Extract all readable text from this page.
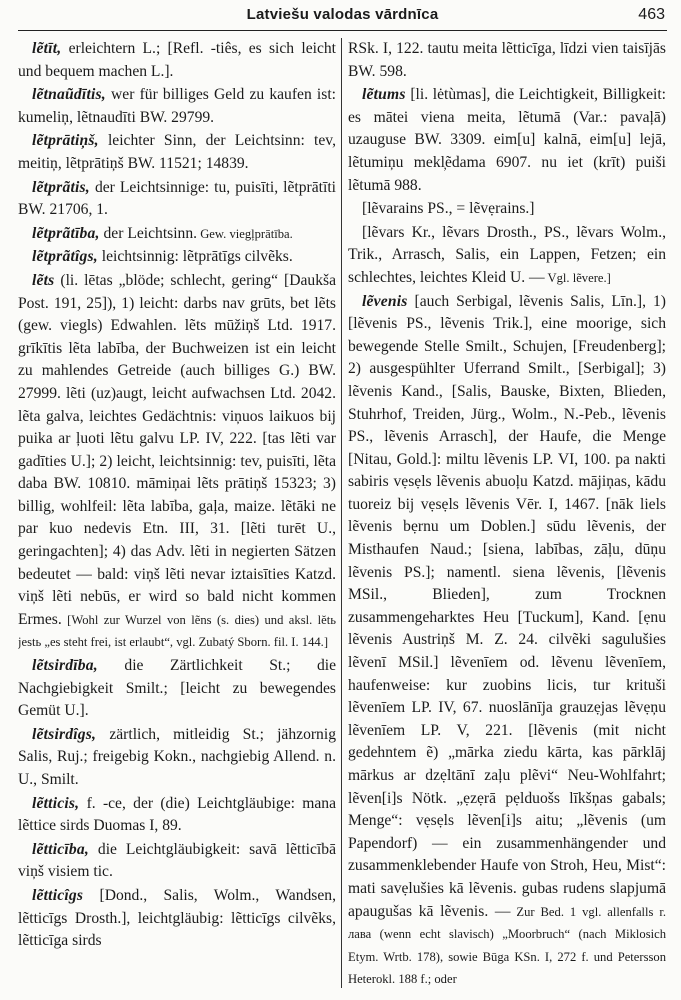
Latviešu valodas vārdnīca	463

lẽtīt, erleichtern L.; [Refl. -tiês, es sich leicht und bequem machen L.].

lẽtnaũdītis, wer für billiges Geld zu kaufen ist: kumeliņ, lẽtnaudīti BW. 29799.

lẽtprātiņš, leichter Sinn, der Leichtsinn: tev, meitiņ, lẽtprātiņš BW. 11521; 14839.

lẽtprãtis, der Leichtsinnige: tu, puisīti, lẽtprātīti BW. 21706, 1.

lẽtprãtība, der Leichtsinn. Gew. viegļprātība.

lẽtprãtîgs, leichtsinnig: lẽtprātīgs cilvẽks.

lẽts (li. lētas „blöde; schlecht, gering“ [Daukša Post. 191, 25]), 1) leicht: darbs nav grūts, bet lẽts (gew. viegls) Edwahlen. lẽts mūžiņš Ltd. 1917. grīkītis lẽta labība, der Buchweizen ist ein leicht zu mahlendes Getreide (auch billiges G.) BW. 27999. lẽti (uz)augt, leicht aufwachsen Ltd. 2042. lẽta galva, leichtes Gedächtnis: viņuos laikuos bij puika ar ļuoti lẽtu galvu LP. IV, 222. [tas lẽti var gadīties U.]; 2) leicht, leichtsinnig: tev, puisīti, lẽta daba BW. 10810. māmiņai lẽts prātiņš 15323; 3) billig, wohlfeil: lẽta labība, gaļa, maize. lẽtāki ne par kuo nedevis Etn. III, 31. [lẽti turēt U., geringachten]; 4) das Adv. lẽti in negierten Sätzen bedeutet — bald: viņš lẽti nevar iztaisīties Katzd. viņš lẽti nebūs, er wird so bald nicht kommen Ermes. [Wohl zur Wurzel von lẽns (s. dies) und aksl. lĕtь jestь „es steht frei, ist erlaubt“, vgl. Zubatý Sborn. fil. I. 144.]

lẽtsirdība, die Zärtlichkeit St.; die Nachgiebigkeit Smilt.; [leicht zu bewegendes Gemüt U.].

lẽtsirdîgs, zärtlich, mitleidig St.; jähzornig Salis, Ruj.; freigebig Kokn., nachgiebig Allend. n. U., Smilt.

lẽtticis, f. -ce, der (die) Leichtgläubige: mana lẽttice sirds Duomas I, 89.

lẽtticība, die Leichtgläubigkeit: savā lẽtticībā viņš visiem tic.

lẽtticîgs [Dond., Salis, Wolm., Wandsen, lẽtticīgs Drosth.], leichtgläubig: lẽtticīgs cilvẽks, lẽtticīga sirds

RSk. I, 122. tautu meita lẽtticīga, līdzi vien taisījās BW. 598.

lẽtums [li. lėtùmas], die Leichtigkeit, Billigkeit: es mātei viena meita, lẽtumā (Var.: pavaļā) uzauguse BW. 3309. eim[u] kalnā, eim[u] lejā, lẽtumiņu mekl̦ẽdama 6907. nu iet (krīt) puiši lẽtumā 988.

[lẽvarains PS., = lẽvẹrains.]

[lẽvars Kr., lẽvars Drosth., PS., lẽvars Wolm., Trik., Arrasch, Salis, ein Lappen, Fetzen; ein schlechtes, leichtes Kleid U. — Vgl. lẽvere.]

lẽvenis [auch Serbigal, lẽvenis Salis, Līn.], 1) [lẽvenis PS., lẽvenis Trik.], eine moorige, sich bewegende Stelle Smilt., Schujen, [Freudenberg]; 2) ausgespühlter Uferrand Smilt., [Serbigal]; 3) lẽvenis Kand., [Salis, Bauske, Bixten, Blieden, Stuhrhof, Treiden, Jürg., Wolm., N.-Peb., lẽvenis PS., lẽvenis Arrasch], der Haufe, die Menge [Nitau, Gold.]: miltu lẽvenis LP. VI, 100. pa nakti sabiris vẹsẹls lẽvenis abuoļu Katzd. mājiņas, kādu tuoreiz bij vẹsẹls lẽvenis Vēr. I, 1467. [nāk liels lẽvenis bẹrnu um Doblen.] sūdu lẽvenis, der Misthaufen Naud.; [siena, labības, zāļu, dūņu lẽvenis PS.]; namentl. siena lẽvenis, [lẽvenis MSil., Blieden], zum Trocknen zusammengeharktes Heu [Tuckum], Kand. [ẹnu lẽvenis Austriņš M. Z. 24. cilvẽki sagulušies lẽvenī MSil.] lẽvenīem od. lẽvenu lẽvenīem, haufenweise: kur zuobins licis, tur krituši lẽvenīem LP. IV, 67. nuoslānīja grauzẹjas lẽvẹņu lẽvenīem LP. V, 221. [lẽvenis (mit nicht gedehntem ẽ) „mārka ziedu kārta, kas pārklāj mārkus ar dzẹltānī zaļu plẽvi“ Neu-Wohlfahrt; lẽven[i]s Nötk. „ẹzẹrā pẹlduošs līkšņas gabals; Menge“: vẹsẹls lẽven[i]s aitu; „lẽvenis (um Papendorf) — ein zusammenhängender und zusammenklebender Haufe von Stroh, Heu, Mist“: mati savẹlušies kā lẽvenis. gubas rudens slapjumā apaugušas kā lẽvenis. — Zur Bed. 1 vgl. allenfalls r. лава (wenn echt slavisch) „Moorbruch“ (nach Miklosich Etym. Wrtb. 178), sowie Būga KSn. I, 272 f. und Petersson Heterokl. 188 f.; oder
